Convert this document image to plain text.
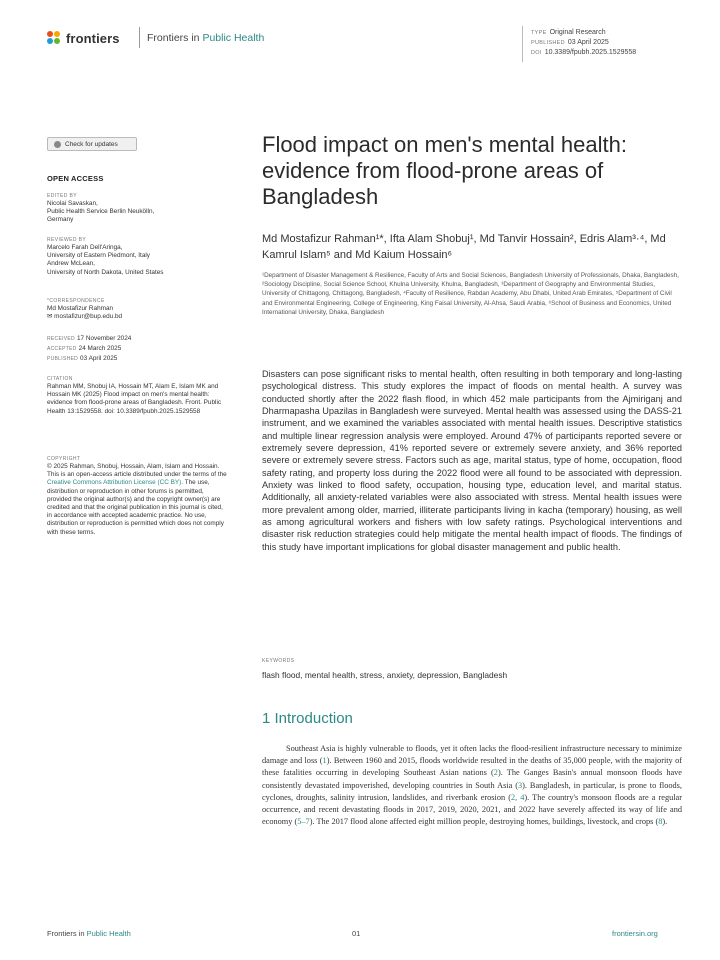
frontiers	Frontiers in Public Health	TYPE Original Research
PUBLISHED 03 April 2025
DOI 10.3389/fpubh.2025.1529558
Check for updates
OPEN ACCESS
EDITED BY
Nicolai Savaskan,
Public Health Service Berlin Neukölln,
Germany
REVIEWED BY
Marcelo Farah Dell'Aringa,
University of Eastern Piedmont, Italy
Andrew McLean,
University of North Dakota, United States
*CORRESPONDENCE
Md Mostafizur Rahman
✉ mostafizur@bup.edu.bd
RECEIVED 17 November 2024
ACCEPTED 24 March 2025
PUBLISHED 03 April 2025
CITATION
Rahman MM, Shobuj IA, Hossain MT, Alam E, Islam MK and Hossain MK (2025) Flood impact on men's mental health: evidence from flood-prone areas of Bangladesh. Front. Public Health 13:1529558. doi: 10.3389/fpubh.2025.1529558
COPYRIGHT
© 2025 Rahman, Shobuj, Hossain, Alam, Islam and Hossain. This is an open-access article distributed under the terms of the Creative Commons Attribution License (CC BY). The use, distribution or reproduction in other forums is permitted, provided the original author(s) and the copyright owner(s) are credited and that the original publication in this journal is cited, in accordance with accepted academic practice. No use, distribution or reproduction is permitted which does not comply with these terms.
Flood impact on men's mental health: evidence from flood-prone areas of Bangladesh
Md Mostafizur Rahman¹*, Ifta Alam Shobuj¹, Md Tanvir Hossain², Edris Alam³·⁴, Md Kamrul Islam⁵ and Md Kaium Hossain⁶
¹Department of Disaster Management & Resilience, Faculty of Arts and Social Sciences, Bangladesh University of Professionals, Dhaka, Bangladesh, ²Sociology Discipline, Social Science School, Khulna University, Khulna, Bangladesh, ³Department of Geography and Environmental Studies, University of Chittagong, Chittagong, Bangladesh, ⁴Faculty of Resilience, Rabdan Academy, Abu Dhabi, United Arab Emirates, ⁵Department of Civil and Environmental Engineering, College of Engineering, King Faisal University, Al-Ahsa, Saudi Arabia, ⁶School of Business and Economics, United International University, Dhaka, Bangladesh
Disasters can pose significant risks to mental health, often resulting in both temporary and long-lasting psychological distress. This study explores the impact of floods on mental health. A survey was conducted shortly after the 2022 flash flood, in which 452 male participants from the Ajmiriganj and Dharmapasha Upazilas in Bangladesh were surveyed. Mental health was assessed using the DASS-21 instrument, and we examined the variables associated with mental health issues. Descriptive statistics and multiple linear regression analysis were employed. Around 47% of participants reported severe or extremely severe depression, 41% reported severe or extremely severe anxiety, and 36% reported severe or extremely severe stress. Factors such as age, marital status, type of home, occupation, flood safety rating, and property loss during the 2022 flood were all found to be associated with depression. Anxiety was linked to flood safety, occupation, housing type, education level, and marital status. Additionally, all anxiety-related variables were also associated with stress. Mental health issues were more prevalent among older, married, illiterate participants living in kacha (temporary) housing, as well as among agricultural workers and fishers with low safety ratings. Psychological interventions and disaster risk reduction strategies could help mitigate the mental health impact of floods. The findings of this study have important implications for global disaster management and public health.
KEYWORDS
flash flood, mental health, stress, anxiety, depression, Bangladesh
1 Introduction
Southeast Asia is highly vulnerable to floods, yet it often lacks the flood-resilient infrastructure necessary to minimize damage and loss (1). Between 1960 and 2015, floods worldwide resulted in the deaths of 35,000 people, with the majority of these fatalities occurring in developing Southeast Asian nations (2). The Ganges Basin's annual monsoon floods have consistently devastated impoverished, developing countries in South Asia (3). Bangladesh, in particular, is prone to floods, cyclones, droughts, salinity intrusion, landslides, and riverbank erosion (2, 4). The country's monsoon floods are a regular occurrence, and recent devastating floods in 2017, 2019, 2020, 2021, and 2022 have severely affected its way of life and economy (5–7). The 2017 flood alone affected eight million people, destroying homes, buildings, livestock, and crops (8).
Frontiers in Public Health	01	frontiersin.org
